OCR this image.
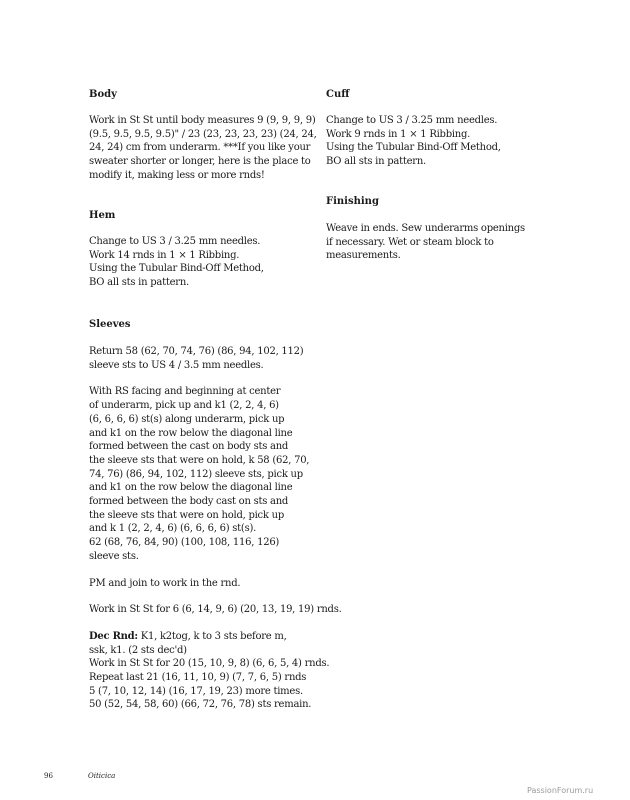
Body

Work in St St until body measures 9 (9, 9, 9, 9)
(9.5, 9.5, 9.5, 9.5)" / 23 (23, 23, 23, 23) (24, 24,
24, 24) cm from underarm. ***If you like your
sweater shorter or longer, here is the place to
modify it, making less or more rnds!

Hem

Change to US 3 / 3.25 mm needles.
Work 14 rnds in 1 × 1 Ribbing.
Using the Tubular Bind-Off Method,
BO all sts in pattern.

Sleeves

Return 58 (62, 70, 74, 76) (86, 94, 102, 112)
sleeve sts to US 4 / 3.5 mm needles.

With RS facing and beginning at center
of underarm, pick up and k1 (2, 2, 4, 6)
(6, 6, 6, 6) st(s) along underarm, pick up
and k1 on the row below the diagonal line
formed between the cast on body sts and
the sleeve sts that were on hold, k 58 (62, 70,
74, 76) (86, 94, 102, 112) sleeve sts, pick up
and k1 on the row below the diagonal line
formed between the body cast on sts and
the sleeve sts that were on hold, pick up
and k 1 (2, 2, 4, 6) (6, 6, 6, 6) st(s).
62 (68, 76, 84, 90) (100, 108, 116, 126)
sleeve sts.

PM and join to work in the rnd.

Work in St St for 6 (6, 14, 9, 6) (20, 13, 19, 19) rnds.

Dec Rnd: K1, k2tog, k to 3 sts before m,
ssk, k1. (2 sts dec'd)
Work in St St for 20 (15, 10, 9, 8) (6, 6, 5, 4) rnds.
Repeat last 21 (16, 11, 10, 9) (7, 7, 6, 5) rnds
5 (7, 10, 12, 14) (16, 17, 19, 23) more times.
50 (52, 54, 58, 60) (66, 72, 76, 78) sts remain.

Cuff

Change to US 3 / 3.25 mm needles.
Work 9 rnds in 1 × 1 Ribbing.
Using the Tubular Bind-Off Method,
BO all sts in pattern.

Finishing

Weave in ends. Sew underarms openings
if necessary. Wet or steam block to
measurements.

96	Oiticica
PassionForum.ru
